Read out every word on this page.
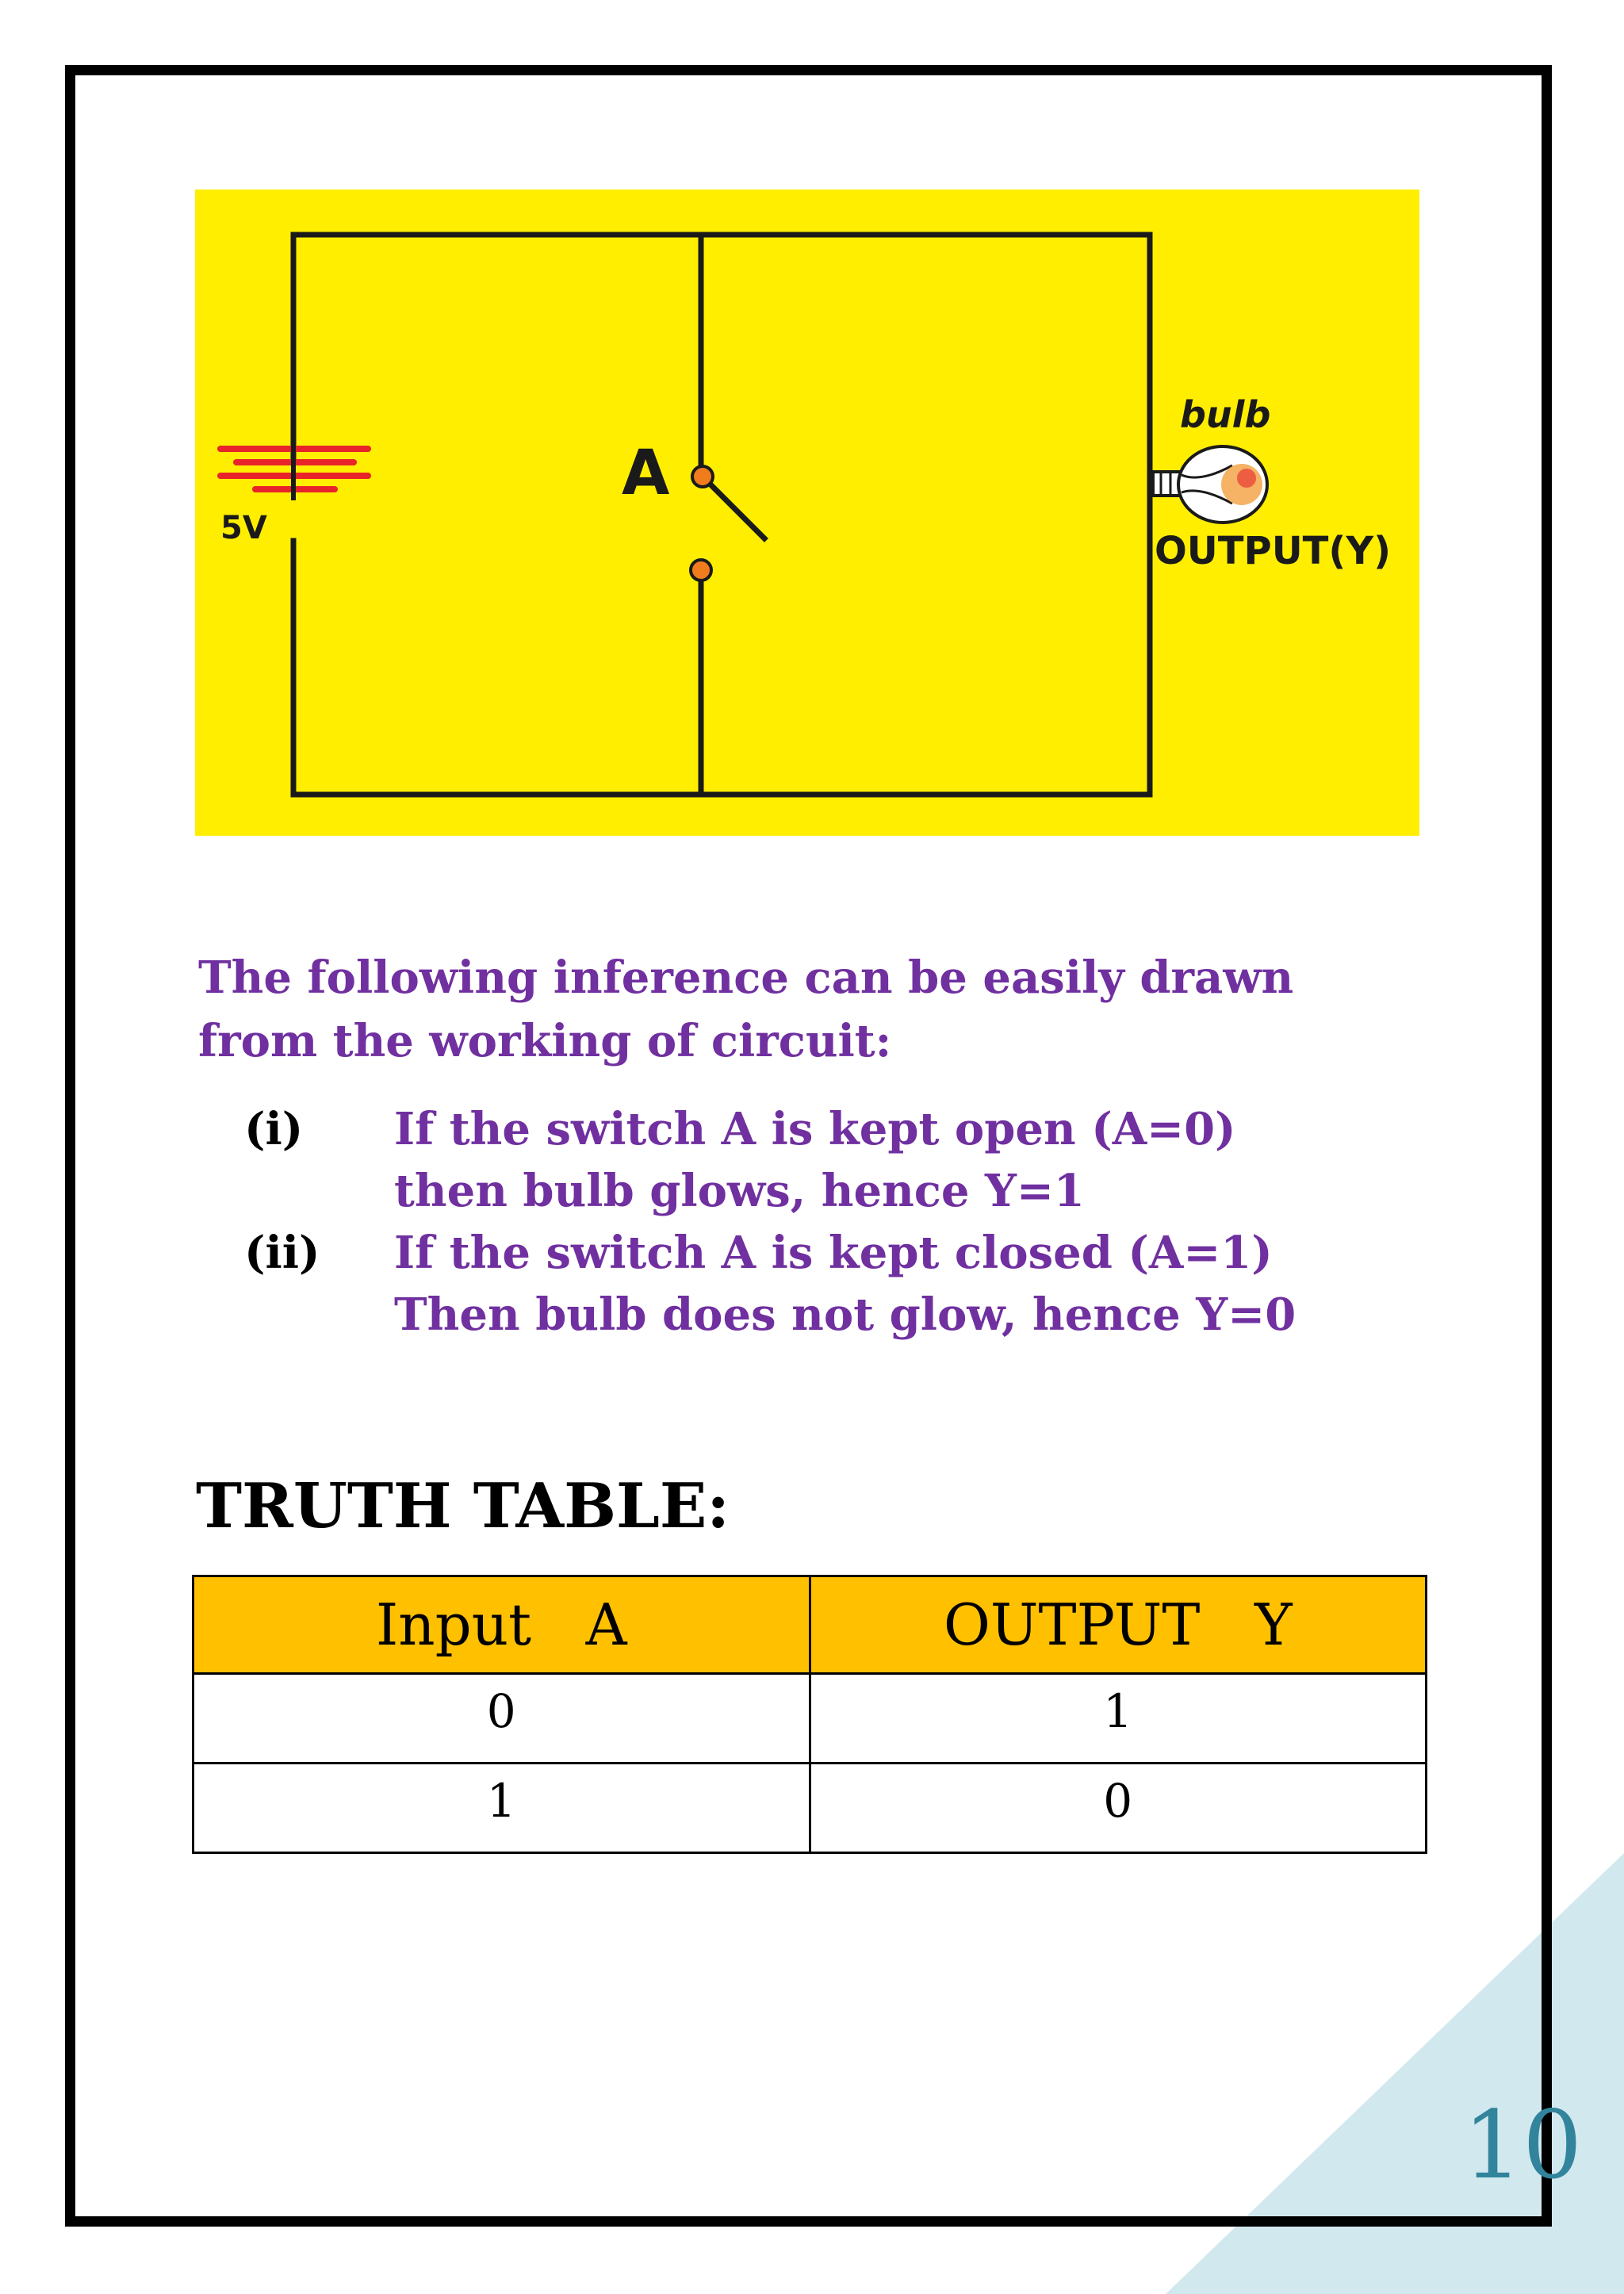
5V
A
bulb
OUTPUT(Y)
The following inference can be easily drawn
from the working of circuit:
(i) If the switch A is kept open (A=0)
then bulb glows, hence Y=1
(ii) If the switch A is kept closed (A=1)
Then bulb does not glow, hence Y=0
TRUTH TABLE:
Input   A	OUTPUT   Y
0	1
1	0
10
